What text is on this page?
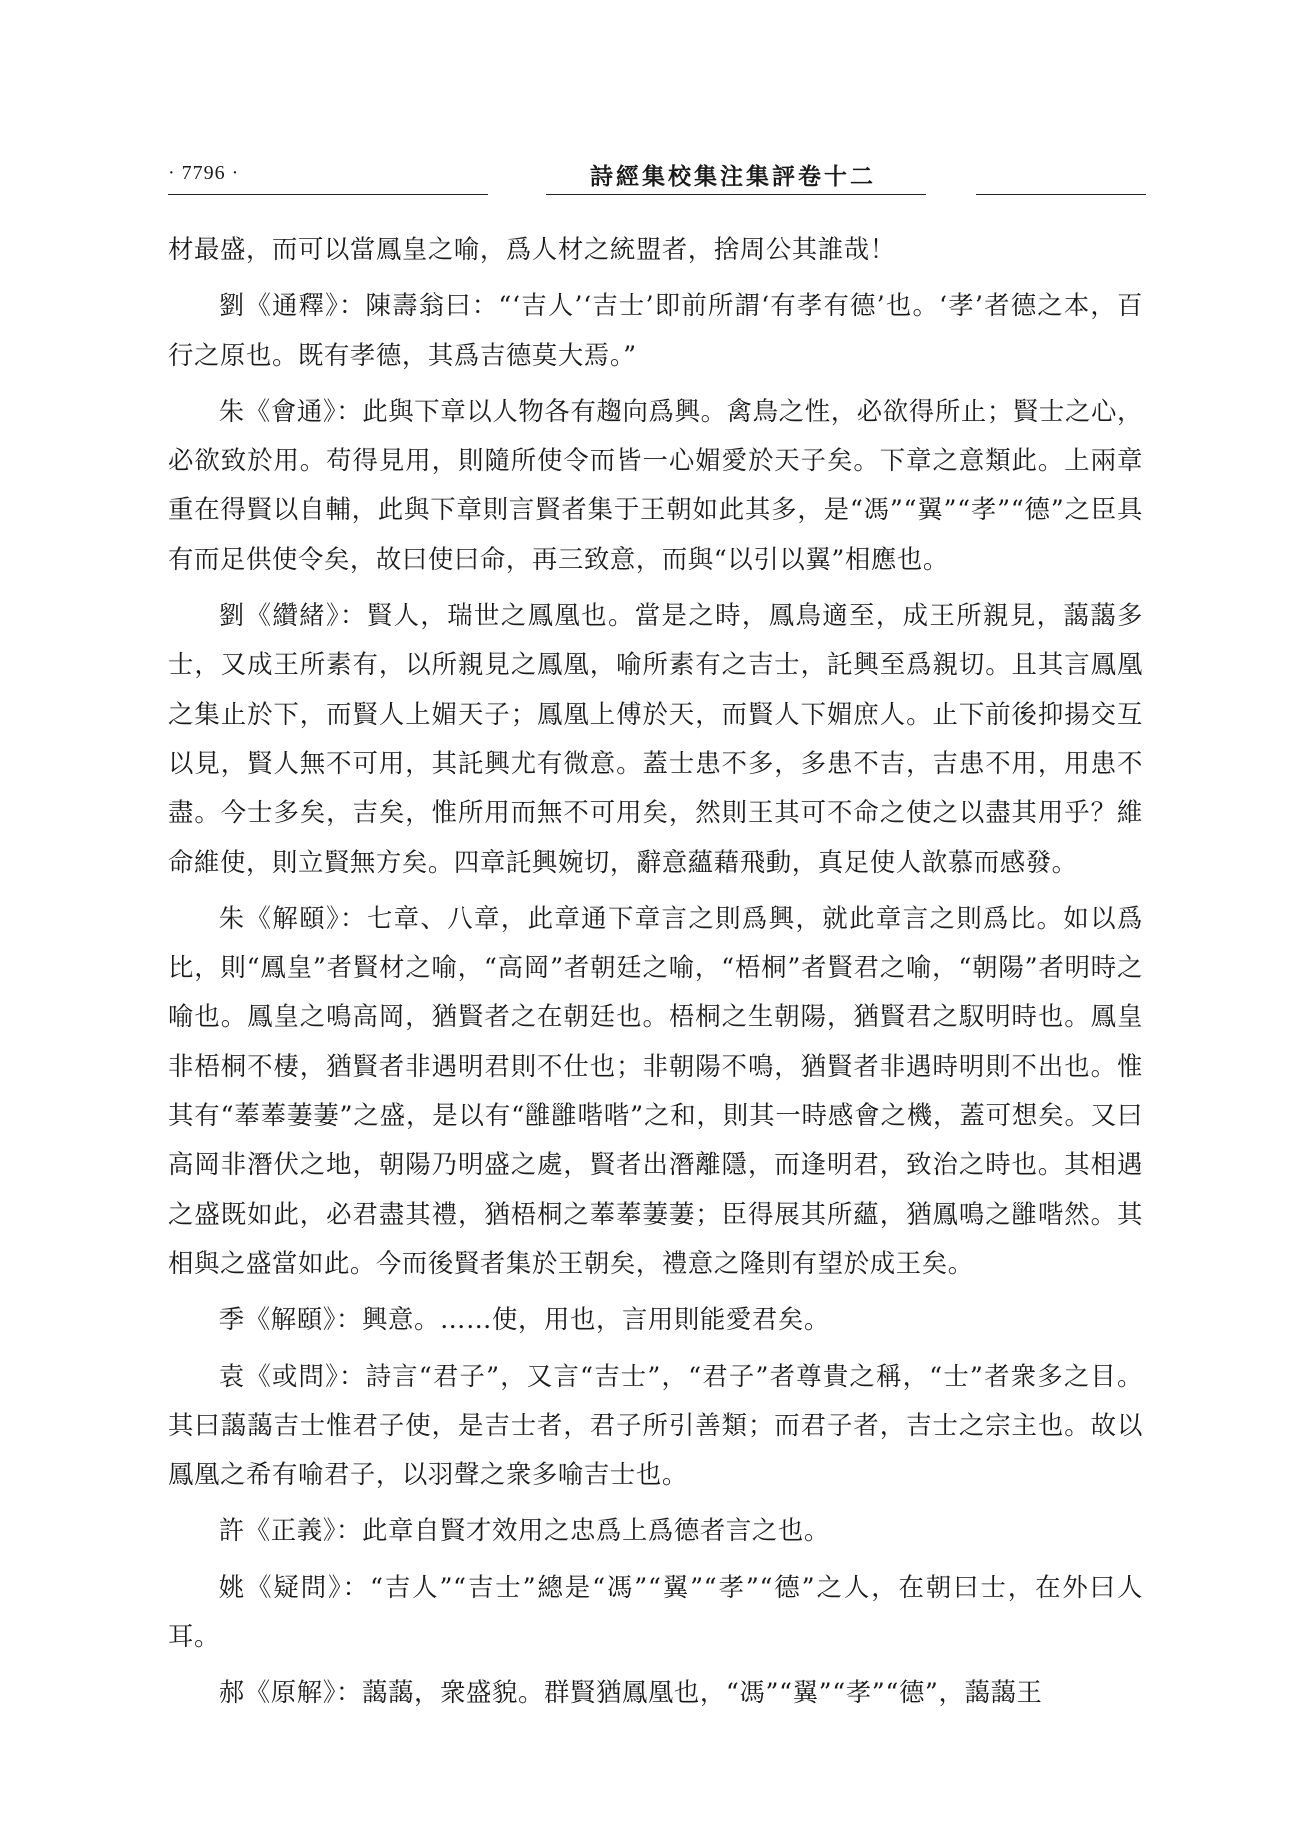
· 7796 ·	詩經集校集注集評卷十二

材最盛，而可以當鳳皇之喻，爲人材之統盟者，捨周公其誰哉！

劉《通釋》：陳壽翁曰：“‘吉人’‘吉士’即前所謂‘有孝有德’也。‘孝’者德之本，百行之原也。既有孝德，其爲吉德莫大焉。”

朱《會通》：此與下章以人物各有趨向爲興。禽鳥之性，必欲得所止；賢士之心，必欲致於用。苟得見用，則隨所使令而皆一心媚愛於天子矣。下章之意類此。上兩章重在得賢以自輔，此與下章則言賢者集于王朝如此其多，是“馮”“翼”“孝”“德”之臣具有而足供使令矣，故曰使曰命，再三致意，而與“以引以翼”相應也。

劉《纘緒》：賢人，瑞世之鳳凰也。當是之時，鳳鳥適至，成王所親見，藹藹多士，又成王所素有，以所親見之鳳凰，喻所素有之吉士，託興至爲親切。且其言鳳凰之集止於下，而賢人上媚天子；鳳凰上傅於天，而賢人下媚庶人。止下前後抑揚交互以見，賢人無不可用，其託興尤有微意。蓋士患不多，多患不吉，吉患不用，用患不盡。今士多矣，吉矣，惟所用而無不可用矣，然則王其可不命之使之以盡其用乎？維命維使，則立賢無方矣。四章託興婉切，辭意蘊藉飛動，真足使人歆慕而感發。

朱《解頤》：七章、八章，此章通下章言之則爲興，就此章言之則爲比。如以爲比，則“鳳皇”者賢材之喻，“高岡”者朝廷之喻，“梧桐”者賢君之喻，“朝陽”者明時之喻也。鳳皇之鳴高岡，猶賢者之在朝廷也。梧桐之生朝陽，猶賢君之馭明時也。鳳皇非梧桐不棲，猶賢者非遇明君則不仕也；非朝陽不鳴，猶賢者非遇時明則不出也。惟其有“菶菶萋萋”之盛，是以有“雝雝喈喈”之和，則其一時感會之機，蓋可想矣。又曰高岡非潛伏之地，朝陽乃明盛之處，賢者出潛離隱，而逢明君，致治之時也。其相遇之盛既如此，必君盡其禮，猶梧桐之菶菶萋萋；臣得展其所蘊，猶鳳鳴之雝喈然。其相與之盛當如此。今而後賢者集於王朝矣，禮意之隆則有望於成王矣。

季《解頤》：興意。……使，用也，言用則能愛君矣。

袁《或問》：詩言“君子”，又言“吉士”，“君子”者尊貴之稱，“士”者衆多之目。其曰藹藹吉士惟君子使，是吉士者，君子所引善類；而君子者，吉士之宗主也。故以鳳凰之希有喻君子，以羽聲之衆多喻吉士也。

許《正義》：此章自賢才效用之忠爲上爲德者言之也。

姚《疑問》：“吉人”“吉士”總是“馮”“翼”“孝”“德”之人，在朝曰士，在外曰人耳。

郝《原解》：藹藹，衆盛貌。群賢猶鳳凰也，“馮”“翼”“孝”“德”，藹藹王
